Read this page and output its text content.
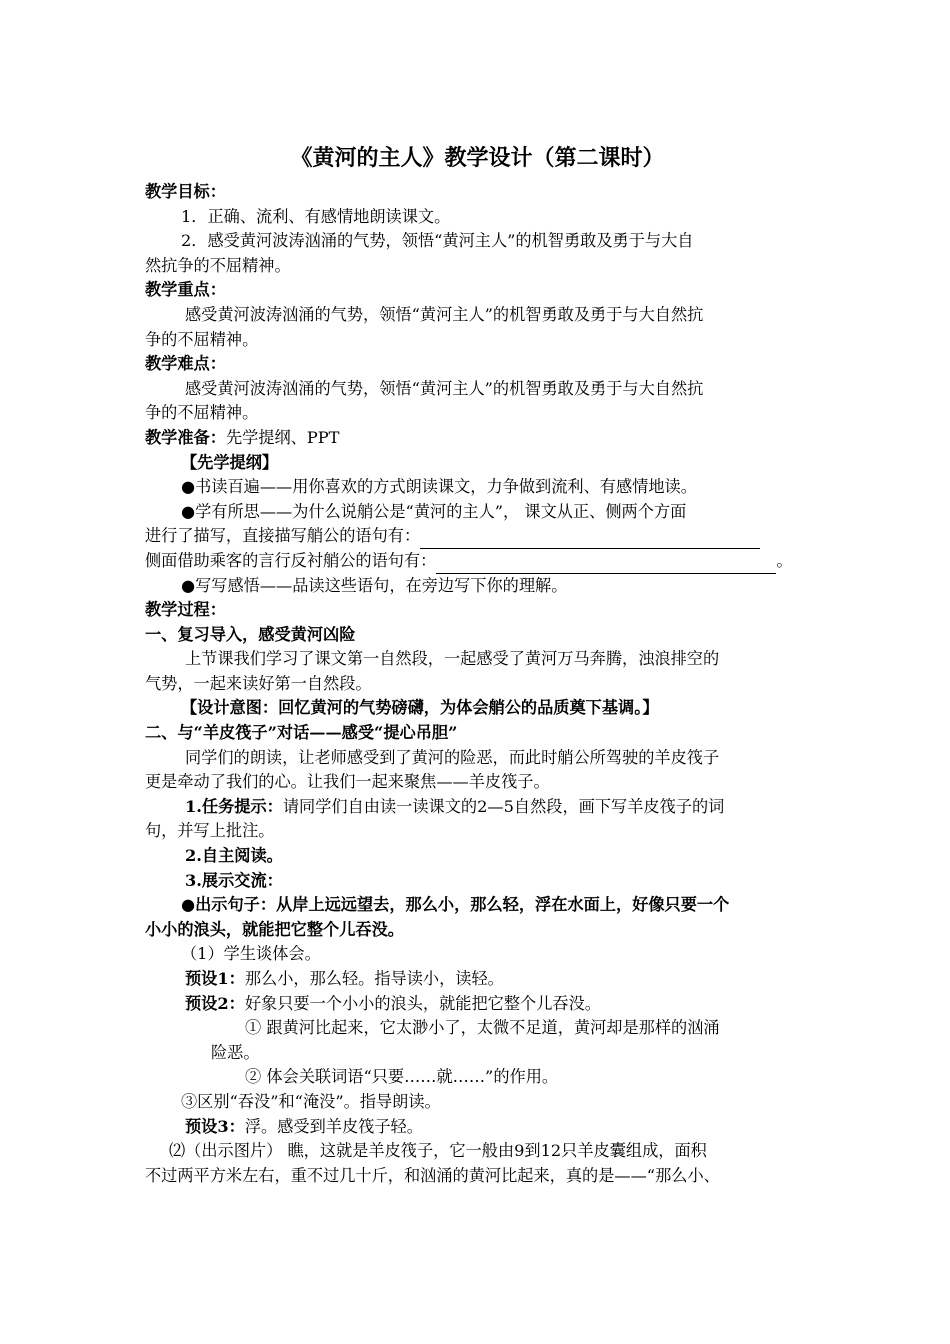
《黄河的主人》教学设计（第二课时）
教学目标：
1．正确、流利、有感情地朗读课文。
2．感受黄河波涛汹涌的气势，领悟“黄河主人”的机智勇敢及勇于与大自
然抗争的不屈精神。
教学重点：
感受黄河波涛汹涌的气势，领悟“黄河主人”的机智勇敢及勇于与大自然抗
争的不屈精神。
教学难点：
感受黄河波涛汹涌的气势，领悟“黄河主人”的机智勇敢及勇于与大自然抗
争的不屈精神。
教学准备：先学提纲、PPT
【先学提纲】
●书读百遍——用你喜欢的方式朗读课文，力争做到流利、有感情地读。
●学有所思——为什么说艄公是“黄河的主人”， 课文从正、侧两个方面
进行了描写，直接描写艄公的语句有：
侧面借助乘客的言行反衬艄公的语句有：	。
●写写感悟——品读这些语句，在旁边写下你的理解。
教学过程：
一、复习导入，感受黄河凶险
上节课我们学习了课文第一自然段，一起感受了黄河万马奔腾，浊浪排空的
气势，一起来读好第一自然段。
【设计意图：回忆黄河的气势磅礴，为体会艄公的品质奠下基调。】
二、与“羊皮筏子”对话——感受“提心吊胆”
同学们的朗读，让老师感受到了黄河的险恶，而此时艄公所驾驶的羊皮筏子
更是牵动了我们的心。让我们一起来聚焦——羊皮筏子。
1.任务提示：请同学们自由读一读课文的2—5自然段，画下写羊皮筏子的词
句，并写上批注。
2.自主阅读。
3.展示交流：
●出示句子：从岸上远远望去，那么小，那么轻，浮在水面上，好像只要一个
小小的浪头，就能把它整个儿吞没。
（1）学生谈体会。
预设1：那么小，那么轻。指导读小，读轻。
预设2：好象只要一个小小的浪头，就能把它整个儿吞没。
① 跟黄河比起来，它太渺小了，太微不足道，黄河却是那样的汹涌
险恶。
② 体会关联词语“只要……就……”的作用。
③区别“吞没”和“淹没”。指导朗读。
预设3：浮。感受到羊皮筏子轻。
⑵（出示图片） 瞧，这就是羊皮筏子，它一般由9到12只羊皮囊组成，面积
不过两平方米左右，重不过几十斤，和汹涌的黄河比起来，真的是——“那么小、
